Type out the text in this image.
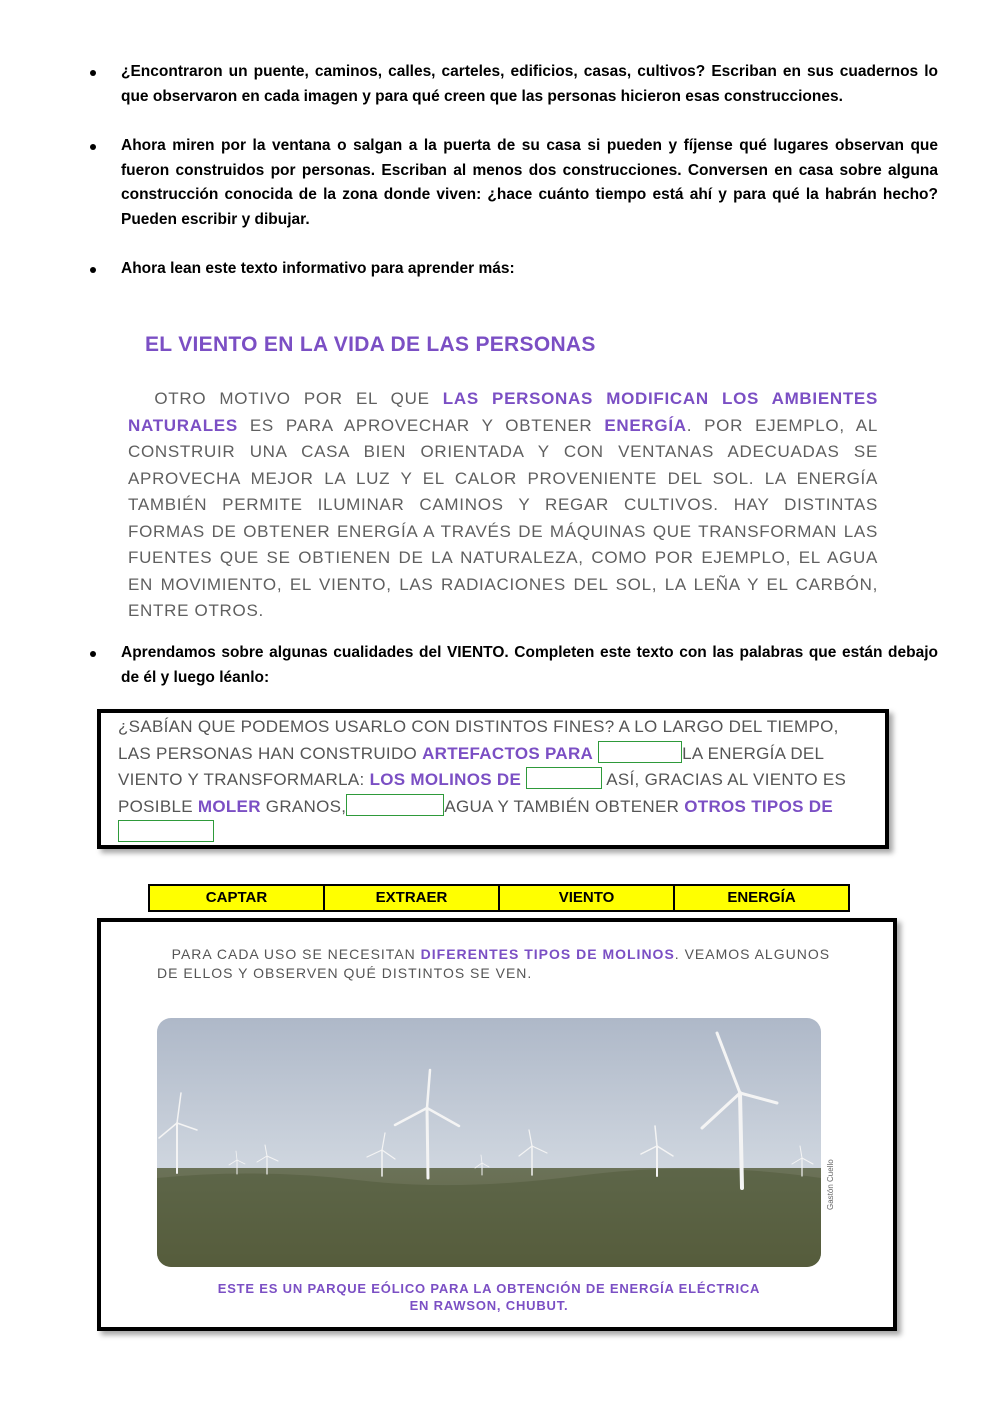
¿Encontraron un puente, caminos, calles, carteles, edificios, casas, cultivos? Escriban en sus cuadernos lo que observaron en cada imagen y para qué creen que las personas hicieron esas construcciones.
Ahora miren por la ventana o salgan a la puerta de su casa si pueden y fíjense qué lugares observan que fueron construidos por personas. Escriban al menos dos construcciones. Conversen en casa sobre alguna construcción conocida de la zona donde viven: ¿hace cuánto tiempo está ahí y para qué la habrán hecho? Pueden escribir y dibujar.
Ahora lean este texto informativo para aprender más:
EL VIENTO EN LA VIDA DE LAS PERSONAS
OTRO MOTIVO POR EL QUE LAS PERSONAS MODIFICAN LOS AMBIENTES NATURALES ES PARA APROVECHAR Y OBTENER ENERGÍA. POR EJEMPLO, AL CONSTRUIR UNA CASA BIEN ORIENTADA Y CON VENTANAS ADECUADAS SE APROVECHA MEJOR LA LUZ Y EL CALOR PROVENIENTE DEL SOL. LA ENERGÍA TAMBIÉN PERMITE ILUMINAR CAMINOS Y REGAR CULTIVOS. HAY DISTINTAS FORMAS DE OBTENER ENERGÍA A TRAVÉS DE MÁQUINAS QUE TRANSFORMAN LAS FUENTES QUE SE OBTIENEN DE LA NATURALEZA, COMO POR EJEMPLO, EL AGUA EN MOVIMIENTO, EL VIENTO, LAS RADIACIONES DEL SOL, LA LEÑA Y EL CARBÓN, ENTRE OTROS.
Aprendamos sobre algunas cualidades del VIENTO. Completen este texto con las palabras que están debajo de él y luego léanlo:
¿SABÍAN QUE PODEMOS USARLO CON DISTINTOS FINES? A LO LARGO DEL TIEMPO, LAS PERSONAS HAN CONSTRUIDO ARTEFACTOS PARA	LA ENERGÍA DEL VIENTO Y TRANSFORMARLA: LOS MOLINOS DE	ASÍ, GRACIAS AL VIENTO ES POSIBLE MOLER GRANOS,	AGUA Y TAMBIÉN OBTENER OTROS TIPOS DE
CAPTAR	EXTRAER	VIENTO	ENERGÍA
PARA CADA USO SE NECESITAN DIFERENTES TIPOS DE MOLINOS. VEAMOS ALGUNOS DE ELLOS Y OBSERVEN QUÉ DISTINTOS SE VEN.
Gastón Cuello
ESTE ES UN PARQUE EÓLICO PARA LA OBTENCIÓN DE ENERGÍA ELÉCTRICA
EN RAWSON, CHUBUT.
